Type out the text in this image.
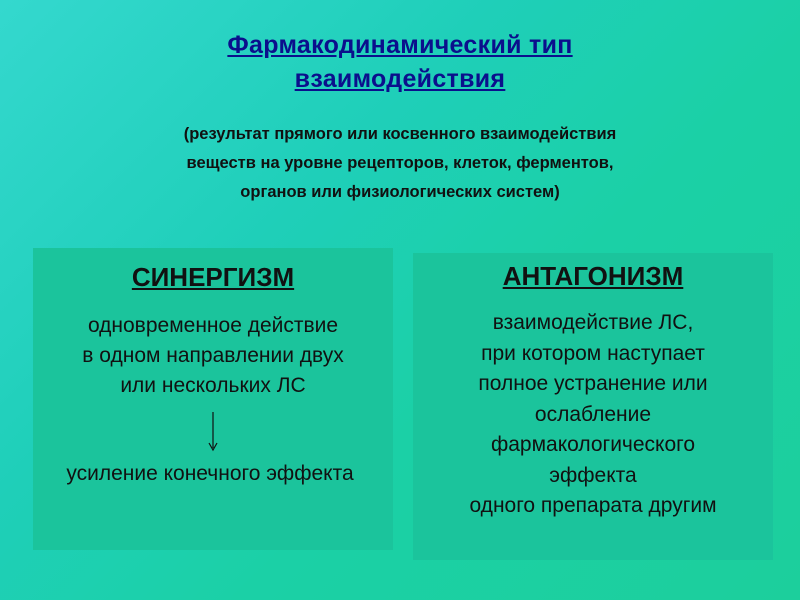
Фармакодинамический тип
взаимодействия
(результат прямого или косвенного взаимодействия
веществ на уровне рецепторов, клеток, ферментов,
органов или физиологических систем)
СИНЕРГИЗМ
одновременное действие
в одном направлении двух
или нескольких ЛС
усиление конечного эффекта
АНТАГОНИЗМ
взаимодействие ЛС,
при котором наступает
полное устранение или
ослабление
фармакологического
эффекта
одного препарата другим
